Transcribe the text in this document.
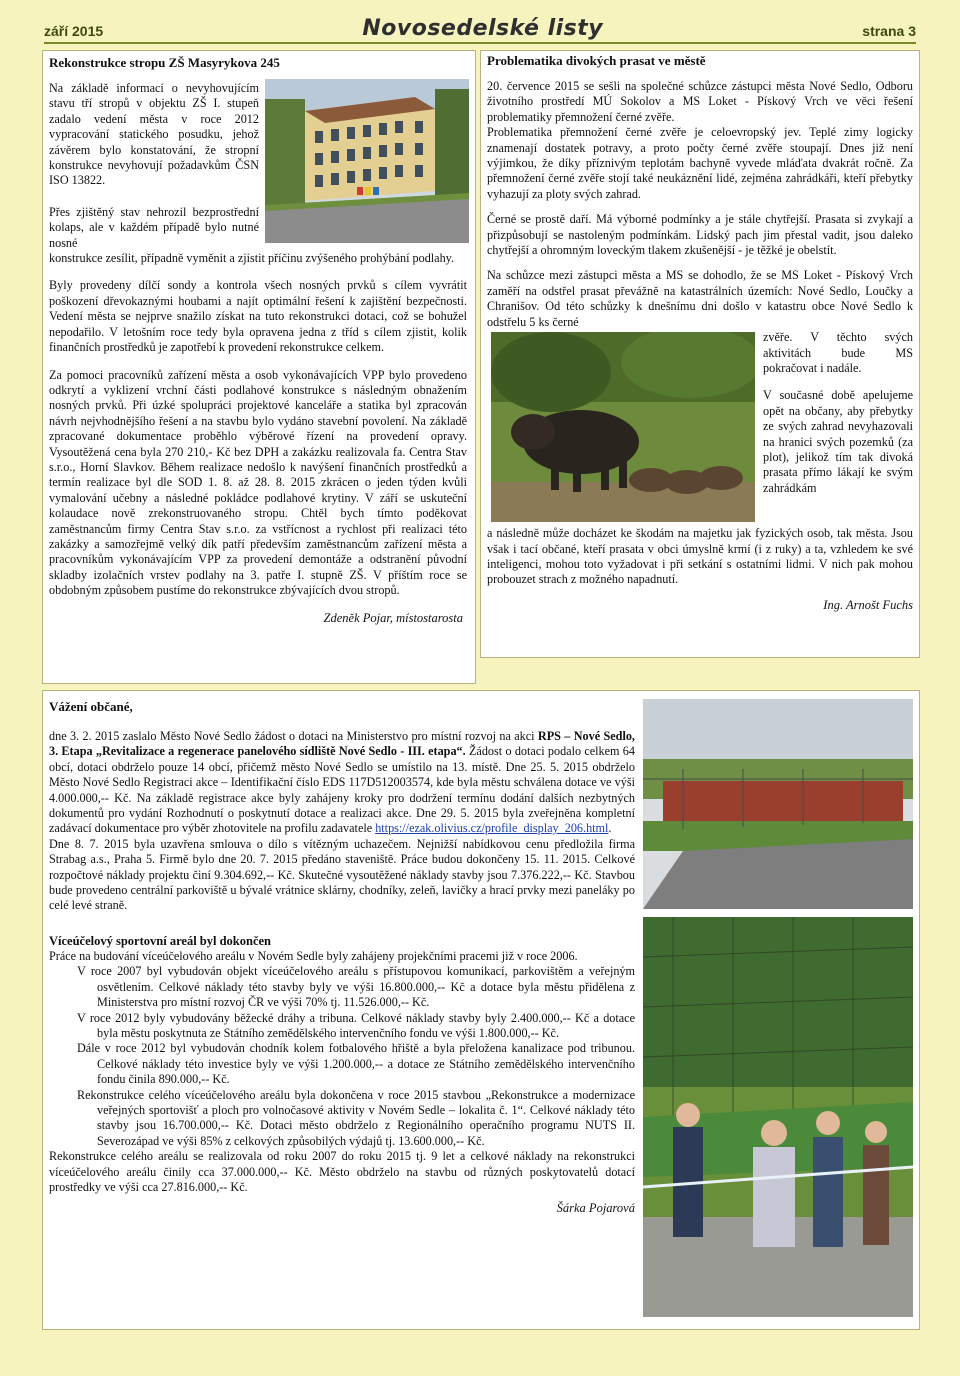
září 2015	Novosedelské listy	strana 3
Rekonstrukce stropu ZŠ Masyrykova 245

Na základě informací o nevyhovujícím stavu tří stropů v objektu ZŠ I. stupeň zadalo vedení města v roce 2012 vypracování statického posudku, jehož závěrem bylo konstatování, že stropní konstrukce nevyhovují požadavkům ČSN ISO 13822.

Přes zjištěný stav nehrozil bezprostřední kolaps, ale v každém případě bylo nutné nosné

konstrukce zesílit, případně vyměnit a zjistit příčinu zvýšeného prohýbání podlahy.

Byly provedeny dílčí sondy a kontrola všech nosných prvků s cílem vyvrátit poškození dřevokaznými houbami a najít optimální řešení k zajištění bezpečnosti. Vedení města se nejprve snažilo získat na tuto rekonstrukci dotaci, což se bohužel nepodařilo. V letošním roce tedy byla opravena jedna z tříd s cílem zjistit, kolik finančních prostředků je zapotřebí k provedení rekonstrukce celkem.

Za pomoci pracovníků zařízení města a osob vykonávajících VPP bylo provedeno odkrytí a vyklizení vrchní části podlahové konstrukce s následným obnažením nosných prvků. Při úzké spolupráci projektové kanceláře a statika byl zpracován návrh nejvhodnějšího řešení a na stavbu bylo vydáno stavební povolení. Na základě zpracované dokumentace proběhlo výběrové řízení na provedení opravy. Vysoutěžená cena byla 270 210,- Kč bez DPH a zakázku realizovala fa. Centra Stav s.r.o., Horní Slavkov. Během realizace nedošlo k navýšení finančních prostředků a termín realizace byl dle SOD 1. 8. až 28. 8. 2015 zkrácen o jeden týden kvůli vymalování učebny a následné pokládce podlahové krytiny. V září se uskuteční kolaudace nově zrekonstruovaného stropu. Chtěl bych tímto poděkovat zaměstnancům firmy Centra Stav s.r.o. za vstřícnost a rychlost při realizaci této zakázky a samozřejmě velký dík patří především zaměstnancům zařízení města a pracovníkům vykonávajícím VPP za provedení demontáže a odstranění původní skladby izolačních vrstev podlahy na 3. patře I. stupně ZŠ. V příštím roce se obdobným způsobem pustíme do rekonstrukce zbývajících dvou stropů.

Zdeněk Pojar, místostarosta
Problematika divokých prasat ve městě

20. července 2015 se sešli na společné schůzce zástupci města Nové Sedlo, Odboru životního prostředí MÚ Sokolov a MS Loket - Pískový Vrch ve věci řešení problematiky přemnožení černé zvěře.

Problematika přemnožení černé zvěře je celoevropský jev. Teplé zimy logicky znamenají dostatek potravy, a proto počty černé zvěře stoupají. Dnes již není výjimkou, že díky příznivým teplotám bachyně vyvede mláďata dvakrát ročně. Za přemnožení černé zvěře stojí také neukáznění lidé, zejména zahrádkáři, kteří přebytky vyhazují za ploty svých zahrad.

Černé se prostě daří. Má výborné podmínky a je stále chytřejší. Prasata si zvykají a přizpůsobují se nastoleným podmínkám. Lidský pach jim přestal vadit, jsou daleko chytřejší a ohromným loveckým tlakem zkušenější - je těžké je obelstít.

Na schůzce mezi zástupci města a MS se dohodlo, že se MS Loket - Pískový Vrch zaměří na odstřel prasat převážně na katastrálních územích: Nové Sedlo, Loučky a Chranišov. Od této schůzky k dnešnímu dni došlo v katastru obce Nové Sedlo k odstřelu 5 ks černé

zvěře. V těchto svých aktivitách bude MS pokračovat i nadále.

V současné době apelujeme opět na občany, aby přebytky ze svých zahrad nevyhazovali na hranici svých pozemků (za plot), jelikož tím tak divoká prasata přímo lákají ke svým zahrádkám

a následně může docházet ke škodám na majetku jak fyzických osob, tak města. Jsou však i tací občané, kteří prasata v obci úmyslně krmí (i z ruky) a ta, vzhledem ke své inteligenci, mohou toto vyžadovat i při setkání s ostatními lidmi. V nich pak mohou probouzet strach z možného napadnutí.

Ing. Arnošt Fuchs
Vážení občané,

dne 3. 2. 2015 zaslalo Město Nové Sedlo žádost o dotaci na Ministerstvo pro místní rozvoj na akci RPS – Nové Sedlo, 3. Etapa „Revitalizace a regenerace panelového sídliště Nové Sedlo - III. etapa“. Žádost o dotaci podalo celkem 64 obcí, dotaci obdrželo pouze 14 obcí, přičemž město Nové Sedlo se umístilo na 13. místě. Dne 25. 5. 2015 obdrželo Město Nové Sedlo Registraci akce – Identifikační číslo EDS 117D512003574, kde byla městu schválena dotace ve výši 4.000.000,-- Kč. Na základě registrace akce byly zahájeny kroky pro dodržení termínu dodání dalších nezbytných dokumentů pro vydání Rozhodnutí o poskytnutí dotace a realizaci akce. Dne 29. 5. 2015 byla zveřejněna kompletní zadávací dokumentace pro výběr zhotovitele na profilu zadavatele https://ezak.olivius.cz/profile_display_206.html.

Dne 8. 7. 2015 byla uzavřena smlouva o dílo s vítězným uchazečem. Nejnižší nabídkovou cenu předložila firma Strabag a.s., Praha 5. Firmě bylo dne 20. 7. 2015 předáno staveniště. Práce budou dokončeny 15. 11. 2015. Celkové rozpočtové náklady projektu činí 9.304.692,-- Kč. Skutečné vysoutěžené náklady stavby jsou 7.376.222,-- Kč. Stavbou bude provedeno centrální parkoviště u bývalé vrátnice sklárny, chodníky, zeleň, lavičky a hrací prvky mezi paneláky po celé levé straně.

Víceúčelový sportovní areál byl dokončen

Práce na budování víceúčelového areálu v Novém Sedle byly zahájeny projekčními pracemi již v roce 2006.

V roce 2007 byl vybudován objekt víceúčelového areálu s přístupovou komunikací, parkovištěm a veřejným osvětlením. Celkové náklady této stavby byly ve výši 16.800.000,-- Kč a dotace byla městu přidělena z Ministerstva pro místní rozvoj ČR ve výši 70% tj. 11.526.000,-- Kč.

V roce 2012 byly vybudovány běžecké dráhy a tribuna. Celkové náklady stavby byly 2.400.000,-- Kč a dotace byla městu poskytnuta ze Státního zemědělského intervenčního fondu ve výši 1.800.000,-- Kč.

Dále v roce 2012 byl vybudován chodník kolem fotbalového hřiště a byla přeložena kanalizace pod tribunou. Celkové náklady této investice byly ve výši 1.200.000,-- a dotace ze Státního zemědělského intervenčního fondu činila 890.000,-- Kč.

Rekonstrukce celého víceúčelového areálu byla dokončena v roce 2015 stavbou „Rekonstrukce a modernizace veřejných sportovišť a ploch pro volnočasové aktivity v Novém Sedle – lokalita č. 1“. Celkové náklady této stavby jsou 16.700.000,-- Kč. Dotaci město obdrželo z Regionálního operačního programu NUTS II. Severozápad ve výši 85% z celkových způsobilých výdajů tj. 13.600.000,-- Kč.

Rekonstrukce celého areálu se realizovala od roku 2007 do roku 2015 tj. 9 let a celkové náklady na rekonstrukci víceúčelového areálu činily cca 37.000.000,-- Kč. Město obdrželo na stavbu od různých poskytovatelů dotací prostředky ve výši cca 27.816.000,-- Kč.

Šárka Pojarová
